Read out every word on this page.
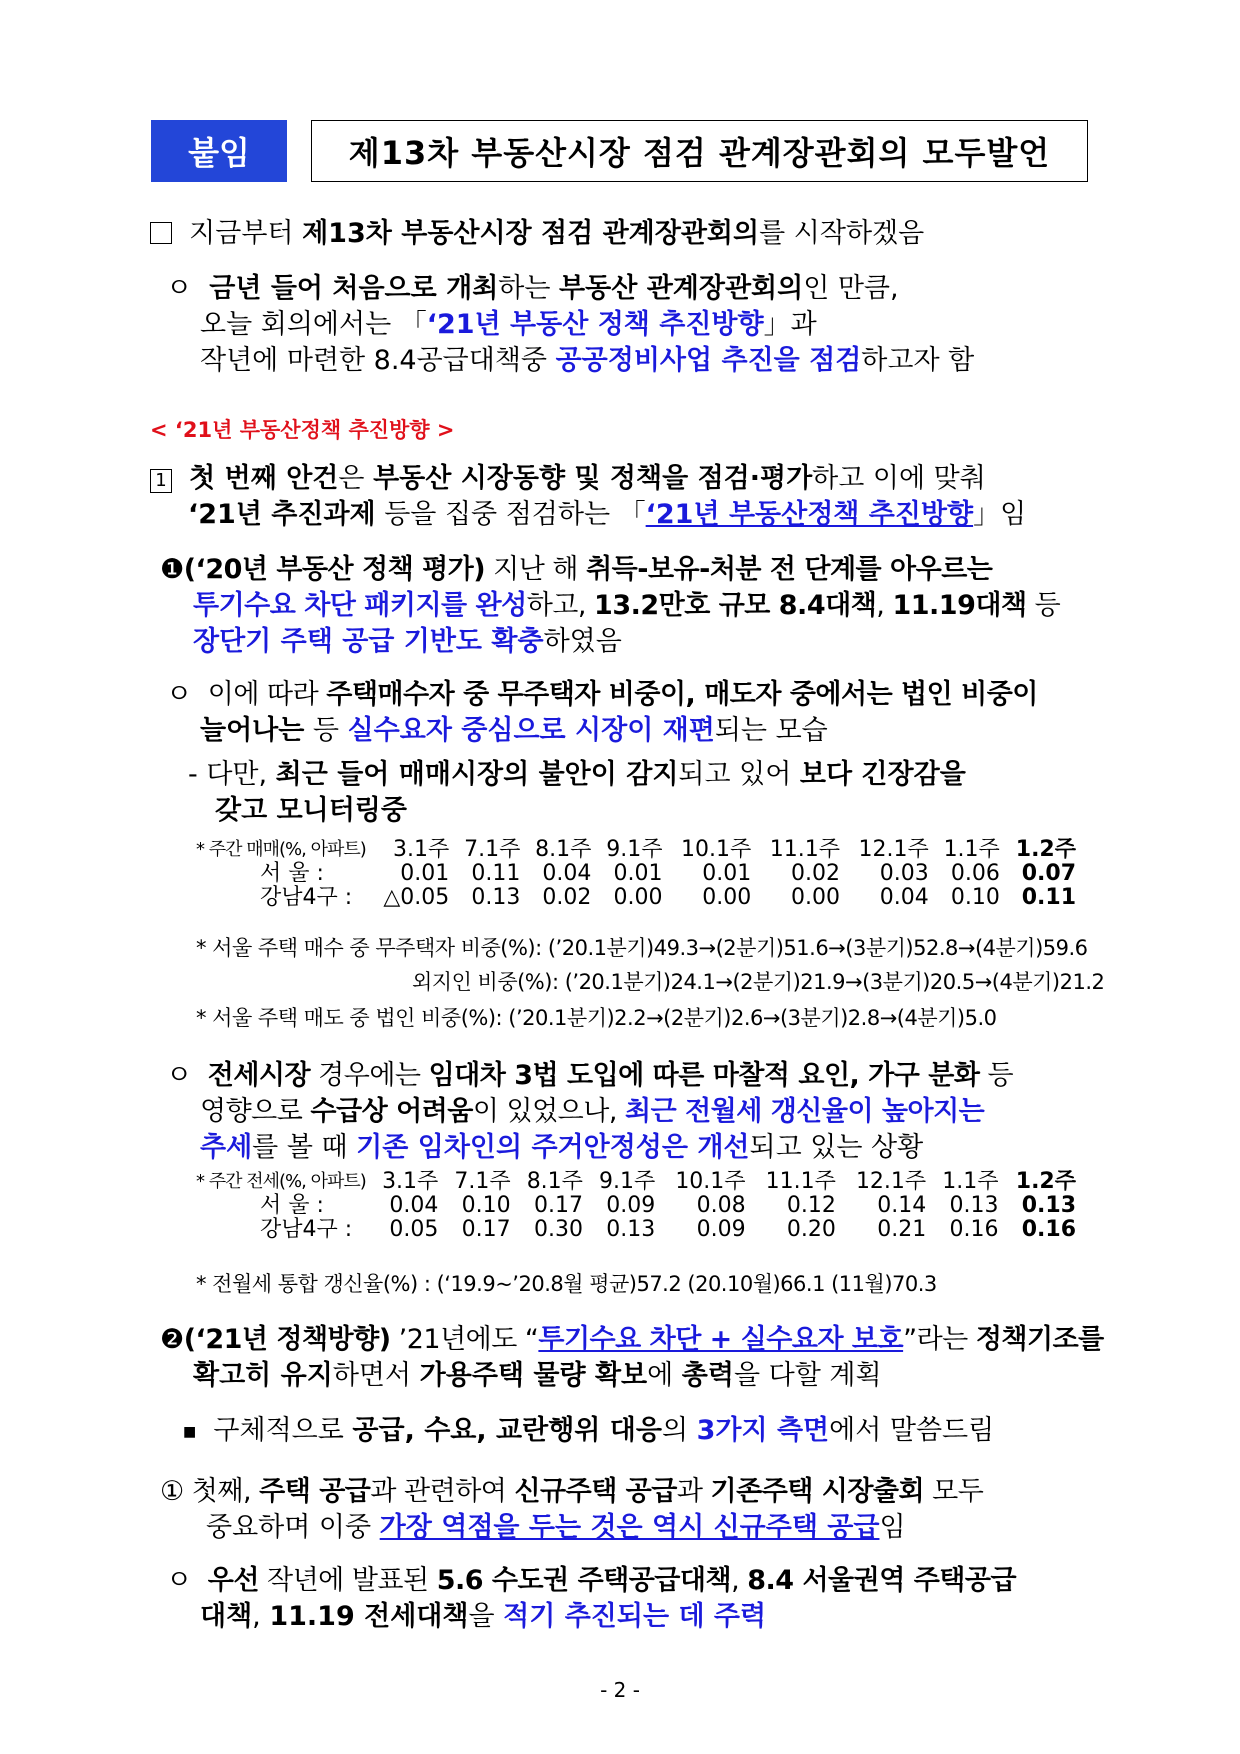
붙임	제13차 부동산시장 점검 관계장관회의 모두발언
지금부터 제13차 부동산시장 점검 관계장관회의를 시작하겠음
ㅇ 금년 들어 처음으로 개최하는 부동산 관계장관회의인 만큼,
오늘 회의에서는 「‘21년 부동산 정책 추진방향」과
작년에 마련한 8.4공급대책중 공공정비사업 추진을 점검하고자 함
< ‘21년 부동산정책 추진방향 >
1 첫 번째 안건은 부동산 시장동향 및 정책을 점검·평가하고 이에 맞춰
‘21년 추진과제 등을 집중 점검하는 「‘21년 부동산정책 추진방향」임
❶(‘20년 부동산 정책 평가) 지난 해 취득-보유-처분 전 단계를 아우르는
투기수요 차단 패키지를 완성하고, 13.2만호 규모 8.4대책, 11.19대책 등
장단기 주택 공급 기반도 확충하였음
ㅇ 이에 따라 주택매수자 중 무주택자 비중이, 매도자 중에서는 법인 비중이
늘어나는 등 실수요자 중심으로 시장이 재편되는 모습
- 다만, 최근 들어 매매시장의 불안이 감지되고 있어 보다 긴장감을
갖고 모니터링중
* 주간 매매(%, 아파트)	3.1주	7.1주	8.1주	9.1주	10.1주	11.1주	12.1주	1.1주	1.2주
서 울 :	0.01	0.11	0.04	0.01	0.01	0.02	0.03	0.06	0.07
강남4구 :	△0.05	0.13	0.02	0.00	0.00	0.00	0.04	0.10	0.11
* 서울 주택 매수 중 무주택자 비중(%): (’20.1분기)49.3→(2분기)51.6→(3분기)52.8→(4분기)59.6
외지인 비중(%): (’20.1분기)24.1→(2분기)21.9→(3분기)20.5→(4분기)21.2
* 서울 주택 매도 중 법인 비중(%): (’20.1분기)2.2→(2분기)2.6→(3분기)2.8→(4분기)5.0
ㅇ 전세시장 경우에는 임대차 3법 도입에 따른 마찰적 요인, 가구 분화 등
영향으로 수급상 어려움이 있었으나, 최근 전월세 갱신율이 높아지는
추세를 볼 때 기존 임차인의 주거안정성은 개선되고 있는 상황
* 주간 전세(%, 아파트)	3.1주	7.1주	8.1주	9.1주	10.1주	11.1주	12.1주	1.1주	1.2주
서 울 :	0.04	0.10	0.17	0.09	0.08	0.12	0.14	0.13	0.13
강남4구 :	0.05	0.17	0.30	0.13	0.09	0.20	0.21	0.16	0.16
* 전월세 통합 갱신율(%) : (‘19.9~’20.8월 평균)57.2 (20.10월)66.1 (11월)70.3
❷(‘21년 정책방향) ’21년에도 “투기수요 차단 + 실수요자 보호”라는 정책기조를
확고히 유지하면서 가용주택 물량 확보에 총력을 다할 계획
■ 구체적으로 공급, 수요, 교란행위 대응의 3가지 측면에서 말씀드림
① 첫째, 주택 공급과 관련하여 신규주택 공급과 기존주택 시장출회 모두
중요하며 이중 가장 역점을 두는 것은 역시 신규주택 공급임
ㅇ 우선 작년에 발표된 5.6 수도권 주택공급대책, 8.4 서울권역 주택공급
대책, 11.19 전세대책을 적기 추진되는 데 주력
- 2 -
